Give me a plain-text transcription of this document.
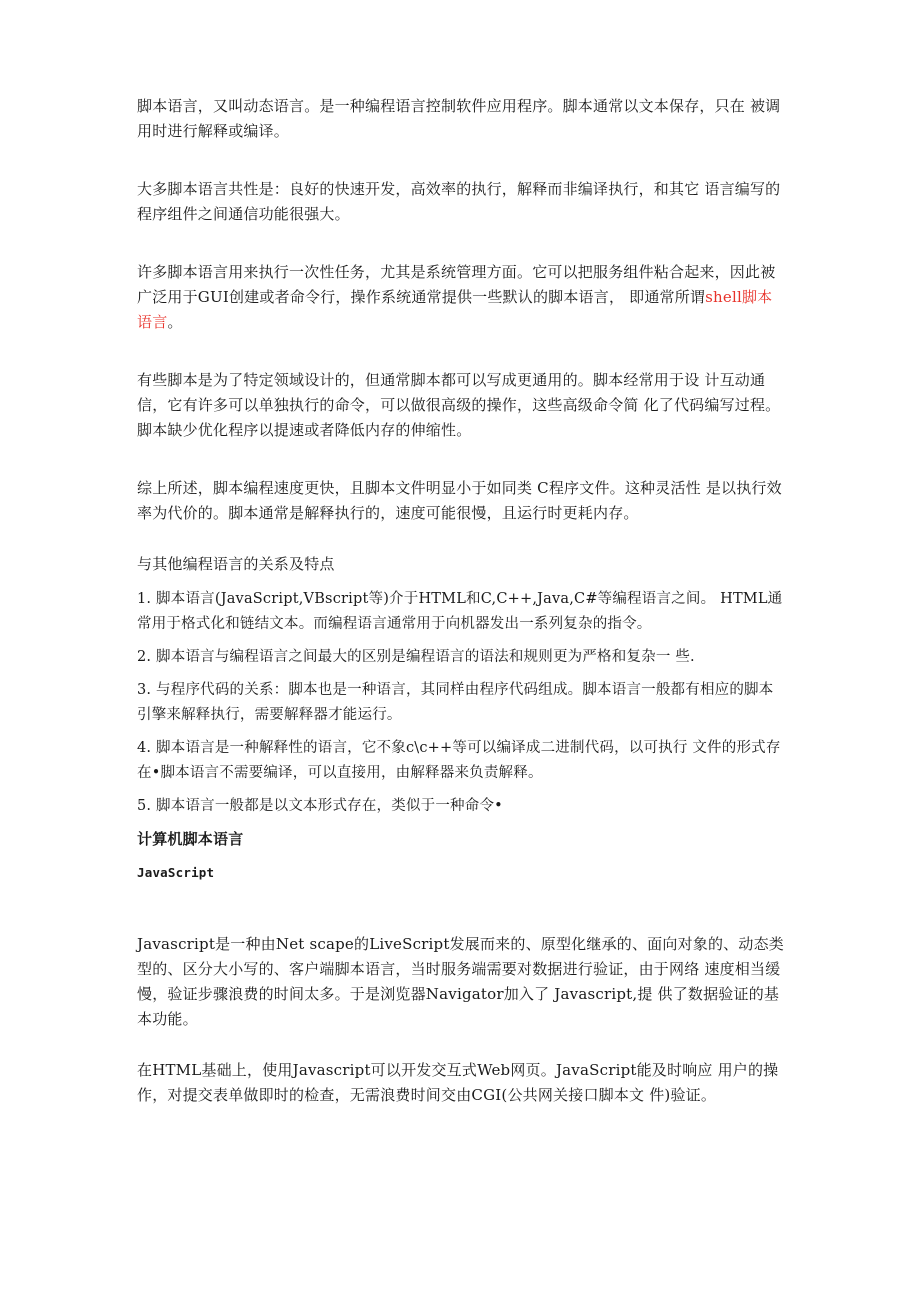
脚本语言，又叫动态语言。是一种编程语言控制软件应用程序。脚本通常以文本保存，只在 被调用时进行解释或编译。

大多脚本语言共性是：良好的快速开发，高效率的执行，解释而非编译执行，和其它 语言编写的程序组件之间通信功能很强大。

许多脚本语言用来执行一次性任务，尤其是系统管理方面。它可以把服务组件粘合起来，因此被广泛用于GUI创建或者命令行，操作系统通常提供一些默认的脚本语言， 即通常所谓shell脚本语言。

有些脚本是为了特定领域设计的，但通常脚本都可以写成更通用的。脚本经常用于设 计互动通信，它有许多可以单独执行的命令，可以做很高级的操作，这些高级命令简 化了代码编写过程。脚本缺少优化程序以提速或者降低内存的伸缩性。

综上所述，脚本编程速度更快，且脚本文件明显小于如同类 C程序文件。这种灵活性 是以执行效率为代价的。脚本通常是解释执行的，速度可能很慢，且运行时更耗内存。

与其他编程语言的关系及特点

1. 脚本语言(JavaScript,VBscript等)介于HTML和C,C++,Java,C#等编程语言之间。 HTML通常用于格式化和链结文本。而编程语言通常用于向机器发出一系列复杂的指令。

2. 脚本语言与编程语言之间最大的区别是编程语言的语法和规则更为严格和复杂一 些.

3. 与程序代码的关系：脚本也是一种语言，其同样由程序代码组成。脚本语言一般都有相应的脚本引擎来解释执行，需要解释器才能运行。

4. 脚本语言是一种解释性的语言，它不象c\c++等可以编译成二进制代码，以可执行 文件的形式存在•脚本语言不需要编译，可以直接用，由解释器来负责解释。

5. 脚本语言一般都是以文本形式存在，类似于一种命令•

计算机脚本语言

JavaScript

Javascript是一种由Net scape的LiveScript发展而来的、原型化继承的、面向对象的、动态类型的、区分大小写的、客户端脚本语言，当时服务端需要对数据进行验证，由于网络 速度相当缓慢，验证步骤浪费的时间太多。于是浏览器Navigator加入了 Javascript,提 供了数据验证的基本功能。

在HTML基础上，使用Javascript可以开发交互式Web网页。JavaScript能及时响应 用户的操作，对提交表单做即时的检查，无需浪费时间交由CGI(公共网关接口脚本文 件)验证。
